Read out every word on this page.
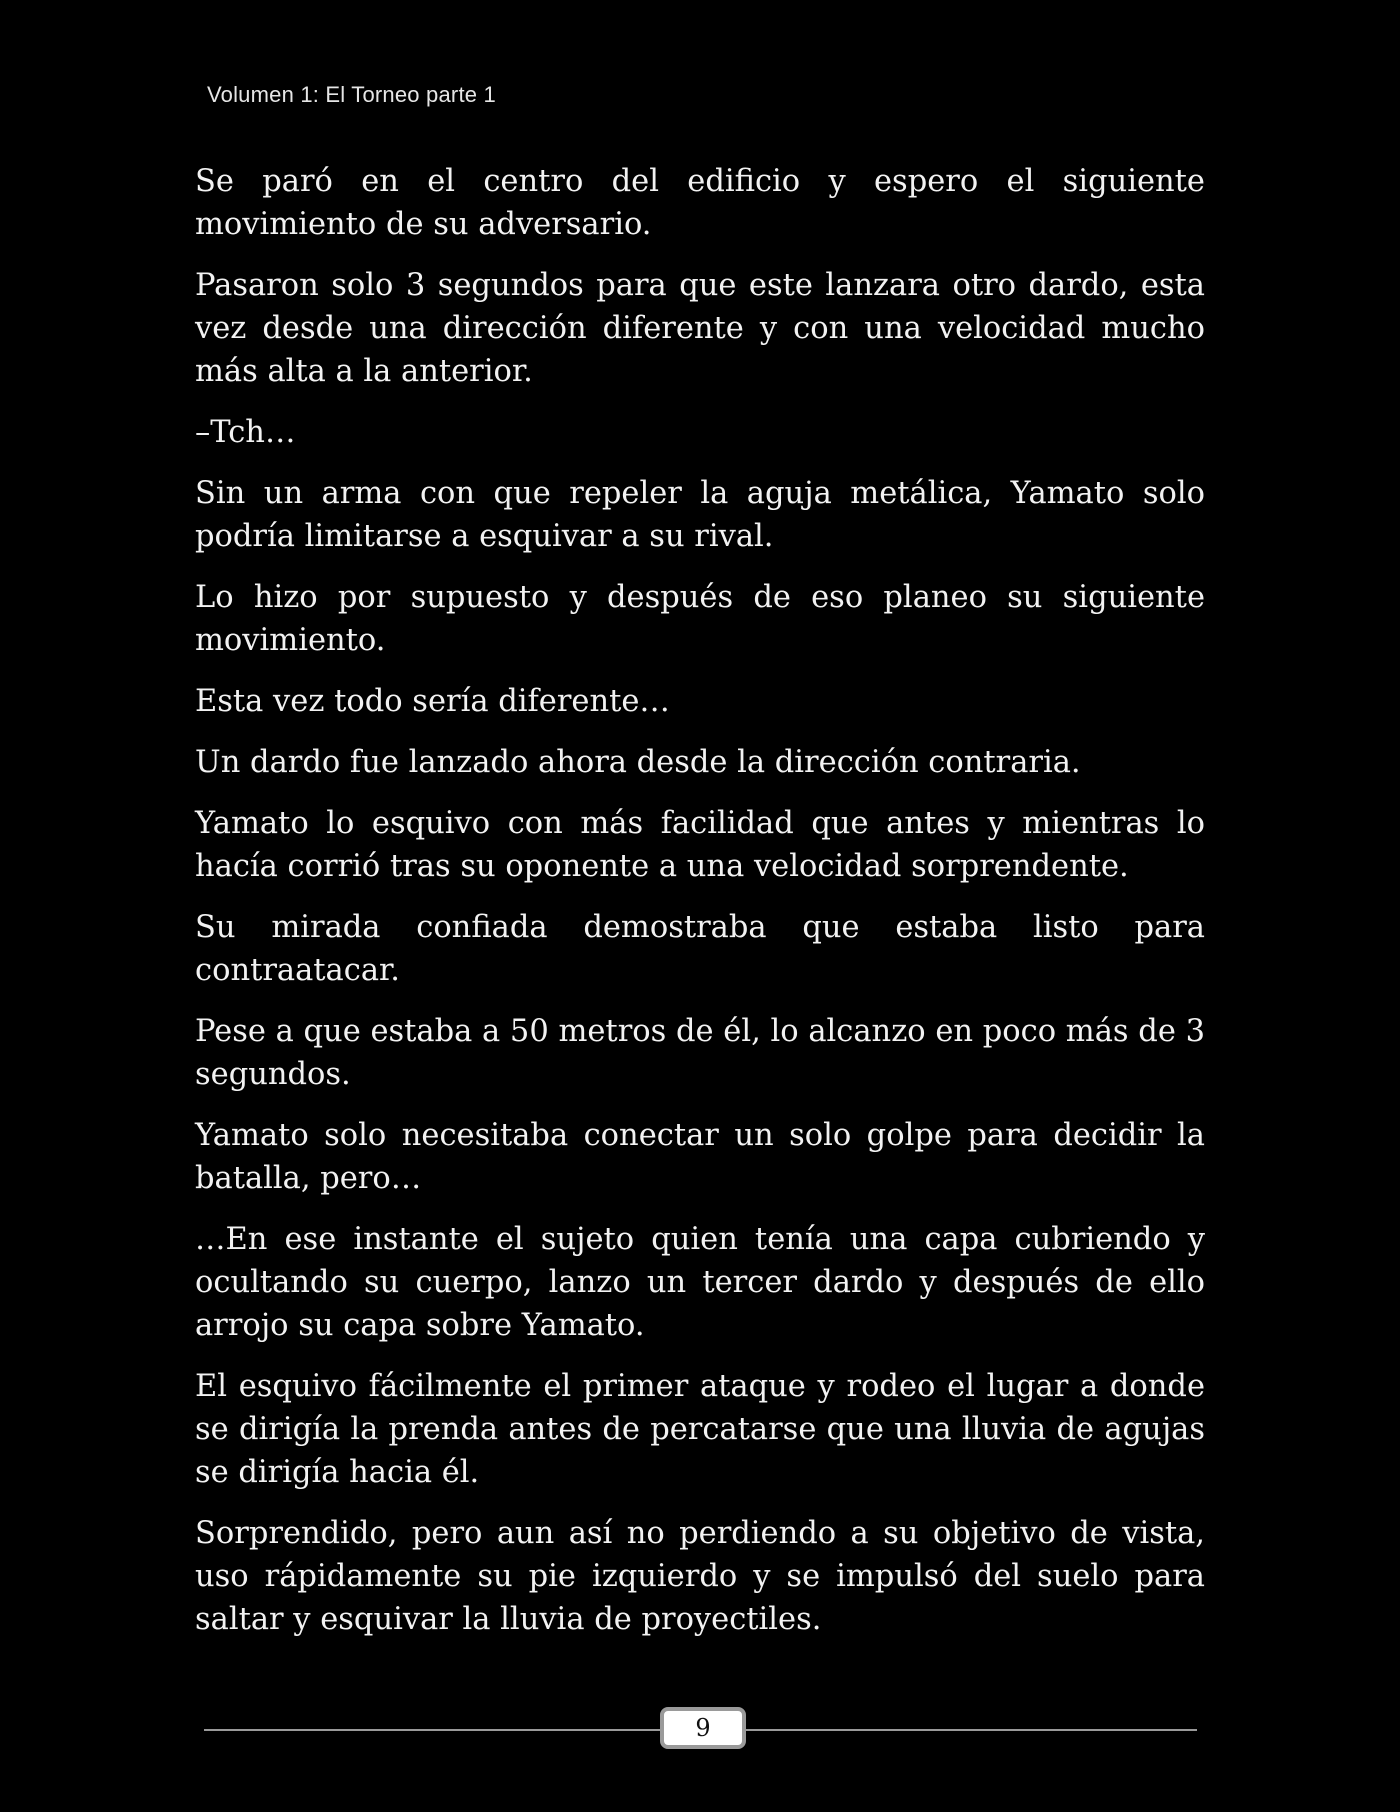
Volumen 1: El Torneo parte 1

Se paró en el centro del edificio y espero el siguiente movimiento de su adversario.

Pasaron solo 3 segundos para que este lanzara otro dardo, esta vez desde una dirección diferente y con una velocidad mucho más alta a la anterior.

–Tch…

Sin un arma con que repeler la aguja metálica, Yamato solo podría limitarse a esquivar a su rival.

Lo hizo por supuesto y después de eso planeo su siguiente movimiento.

Esta vez todo sería diferente…

Un dardo fue lanzado ahora desde la dirección contraria.

Yamato lo esquivo con más facilidad que antes y mientras lo hacía corrió tras su oponente a una velocidad sorprendente.

Su mirada confiada demostraba que estaba listo para contraatacar.

Pese a que estaba a 50 metros de él, lo alcanzo en poco más de 3 segundos.

Yamato solo necesitaba conectar un solo golpe para decidir la batalla, pero…

…En ese instante el sujeto quien tenía una capa cubriendo y ocultando su cuerpo, lanzo un tercer dardo y después de ello arrojo su capa sobre Yamato.

El esquivo fácilmente el primer ataque y rodeo el lugar a donde se dirigía la prenda antes de percatarse que una lluvia de agujas se dirigía hacia él.

Sorprendido, pero aun así no perdiendo a su objetivo de vista, uso rápidamente su pie izquierdo y se impulsó del suelo para saltar y esquivar la lluvia de proyectiles.

9
